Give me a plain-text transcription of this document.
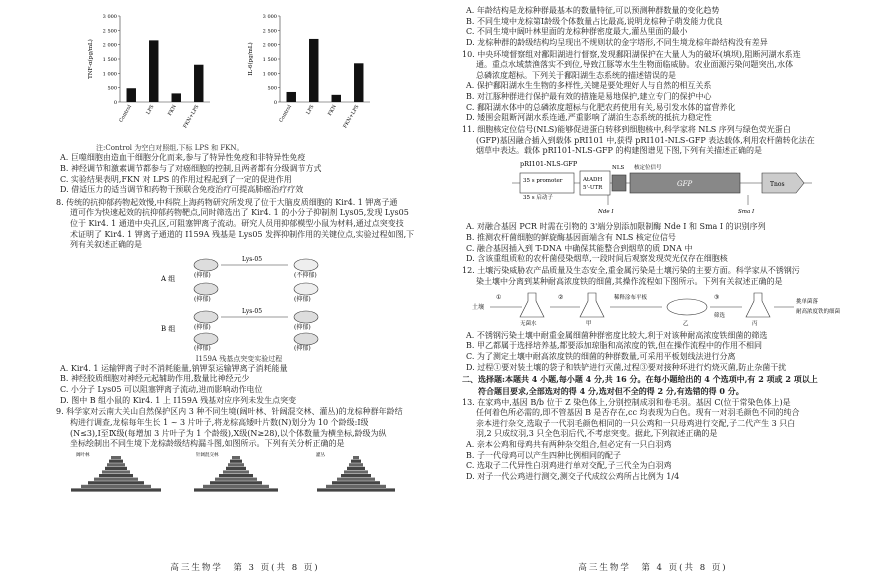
3 000
2 500
2 000
1 500
1 000
500
0
TNF-α(pg/mL)
Control LPS FKN FKN+LPS
3 000
2 500
2 000
1 500
1 000
500
0
IL-6(pg/mL)
Control LPS FKN FKN+LPS

注:Control 为空白对照组,下标 LPS 和 FKN。

A. 巨噬细胞由造血干细胞分化而来,参与了特异性免疫和非特异性免疫

B. 神经调节和激素调节都参与了对癌细胞的控制,且两者都有分级调节方式

C. 实验结果表明,FKN 对 LPS 的作用过程起到了一定的促进作用

D. 借适压力的适当调节和药物干预联合免疫治疗可提高肺癌治疗疗效

8. 传统的抗抑郁药物起效慢,中科院上海药物研究所发现了位于大脑皮质细胞的 Kir4. 1 钾离子通

道可作为快速起效的抗抑郁药物靶点,同时筛选出了 Kir4. 1 的小分子抑制剂 Lys05,发现 Lys05

位于 Kir4. 1 通道中央孔区,可阻塞钾离子流动。研究人员用抑郁模型小鼠为材料,通过点突变技

术证明了 Kir4. 1 钾离子通道的 I159A 残基是 Lys05 发挥抑制作用的关键位点,实验过程如图,下

列有关叙述正确的是

A 组
B 组
Lys-05
(抑郁)	(不抑郁)
(抑郁)	(抑郁)
Lys-05
(抑郁)	(抑郁)
(抑郁)	(抑郁)

I159A 残基点突变实验过程

A. Kir4. 1 运输钾离子时不消耗能量,钠钾泵运输钾离子消耗能量

B. 神经胶质细胞对神经元起辅助作用,数量比神经元少

C. 小分子 Lys05 可以阻塞钾离子流动,进而影响动作电位

D. 图中 B 组小鼠的 Kir4. 1 上 I159A 残基对应序列未发生点突变

9. 科学家对云南大关山自然保护区内 3 种不同生境(阔叶林、针阔混交林、灌丛)的龙棕种群年龄结

构进行调查,龙棕每年生长 1 ~ 3 片叶子,将龙棕高矮叶片数(N)划分为 10 个龄级:Ⅰ级

(N≤3),Ⅰ至Ⅸ级(每增加 3 片叶子为 1 个龄级),Ⅹ级(N≥28),以个体数量为横坐标,龄级为纵

坐标绘制出不同生境下龙棕龄级结构漏斗图,如图所示。下列有关分析正确的是

阔叶林	针阔混交林	灌丛
高三生物学　第 3 页(共 8 页)

A. 年龄结构是龙棕种群最基本的数量特征,可以预测种群数量的变化趋势

B. 不同生境中龙棕第Ⅰ龄级个体数量占比最高,说明龙棕种子萌发能力优良

C. 不同生境中阔叶林里面的龙棕种群密度最大,灌丛里面的最小

D. 龙棕种群的龄级结构均呈现出不规则状的金字塔形,不同生境龙棕年龄结构没有差异

10. 中央环境督察组对鄱阳湖进行督察,发现鄱阳湖保护在大量人为的破坏(填坝),阻断河湖水系连

通。重点水域禁渔落实不到位,导致江豚等水生生物面临威胁。农业面源污染问题突出,水体

总磷浓度超标。下列关于鄱阳湖生态系统的描述错误的是

A. 保护鄱阳湖水生生物的多样性,关键是要处理好人与自然的相互关系

B. 对江豚种群进行保护最有效的措施是易地保护,建立专门的保护中心

C. 鄱阳湖水体中的总磷浓度超标与化肥农药使用有关,易引发水体的富营养化

D. 矮围会阻断河湖水系连通,严重影响了湖泊生态系统的抵抗力稳定性

11. 细胞核定位信号(NLS)能够促进蛋白转移到细胞核中,科学家将 NLS 序列与绿色荧光蛋白

(GFP)基因融合插入到载体 pRI101 中,获得 pRI101-NLS-GFP 表达载体,利用农杆菌转化法在

烟草中表达。载体 pRI101-NLS-GFP 的构建图谱见下图,下列有关描述正确的是

pRI101-NLS-GFP
35 s promoter
35 s 启动子
AtADH
5'-UTR
NLS 核定位信号
GFP	Tnos
Nde Ⅰ	Sma Ⅰ

A. 对融合基因 PCR 时需在引物的 3'端分别添加限制酶 Nde Ⅰ 和 Sma Ⅰ 的识别序列

B. 推测农杆菌细胞的鲜旋酶基因面端含有 NLS 核定位信号

C. 融合基因插入到 T-DNA 中确保其能整合到烟草的质 DNA 中

D. 含该重组质粒的农杆菌侵染烟草,一段时间后观察发现荧光仅存在细胞核

12. 土壤污染威胁农产品质量及生态安全,重金属污染是土壤污染的主要方面。科学家从不锈钢污

染土壤中分离到某种耐高浓度铁的细菌,其操作流程如下图所示。下列有关叙述正确的是

土壤
①
无菌水
②
甲
稀释涂布平板
乙
③
筛选
丙
挑单菌落
耐高浓度铁的细菌

A. 不锈钢污染土壤中耐重金属细菌种群密度比较大,利于对该种耐高浓度铁细菌的筛选

B. 甲乙都属于选择培养基,都要添加琼脂和高浓度的铁,但在操作流程中的作用不相同

C. 为了测定土壤中耐高浓度铁的细菌的种群数量,可采用平板划线法进行分离

D. 过程①要对装土壤的袋子和铁铲进行灭菌,过程③要对接种环进行灼烧灭菌,防止杂菌干扰

二、选择题:本题共 4 小题,每小题 4 分,共 16 分。在每小题给出的 4 个选项中,有 2 项或 2 项以上

　　符合题目要求,全部选对的得 4 分,选对但不全的得 2 分,有选错的得 0 分。

13. 在家鸡中,基因 B/b 位于 Z 染色体上,分别控制成羽和卷毛羽。基因 C(位于常染色体上)是

任何着色所必需的,即不管基因 B 是否存在,cc 均表现为白色。现有一对羽毛颜色不同的纯合

亲本进行杂交,选取子一代羽毛颜色相同的一只公鸡和一只母鸡进行交配,子二代产生 3 只白

羽,2 只成纹羽,3 只全色羽后代,不考虑突变。据此,下列叙述正确的是

A. 亲本公鸡和母鸡共有两种杂交组合,但必定有一只白羽鸡

B. 子一代母鸡可以产生四种比例相同的配子

C. 选取子二代异性白羽鸡进行单对交配,子三代全为白羽鸡

D. 对子一代公鸡进行测交,测交子代成纹公鸡所占比例为 1/4

高三生物学　第 4 页(共 8 页)
